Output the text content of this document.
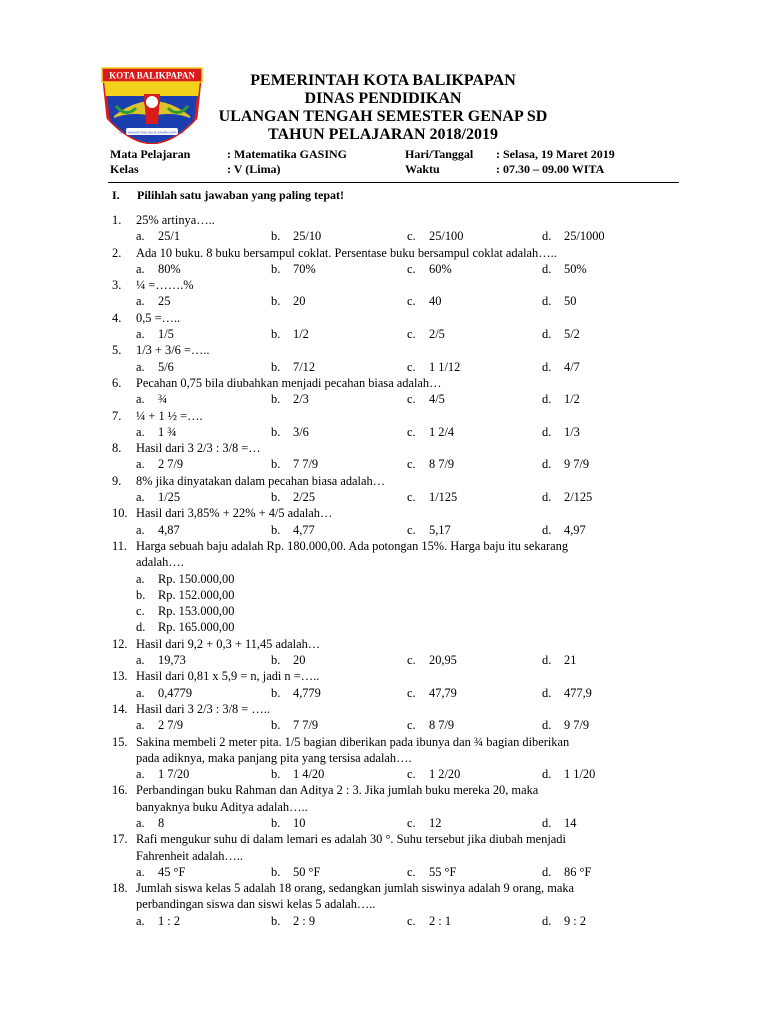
KOTA BALIKPAPAN
GAWI MANUNTUNG WAJA SAMPAI KAPUTING
PEMERINTAH KOTA BALIKPAPAN
DINAS PENDIDIKAN
ULANGAN TENGAH SEMESTER GENAP SD
TAHUN PELAJARAN 2018/2019
Mata Pelajaran	: Matematika GASING	Hari/Tanggal : Selasa, 19 Maret 2019
Kelas	: V (Lima)	Waktu	: 07.30 – 09.00 WITA
I. Pilihlah satu jawaban yang paling tepat!
1. 25% artinya…..
a. 25/1	b. 25/10	c. 25/100	d. 25/1000
2. Ada 10 buku. 8 buku bersampul coklat. Persentase buku bersampul coklat adalah…..
a. 80%	b. 70%	c. 60%	d. 50%
3. ¼ =…….%
a. 25	b. 20	c. 40	d. 50
4. 0,5 =…..
a. 1/5	b. 1/2	c. 2/5	d. 5/2
5. 1/3 + 3/6 =…..
a. 5/6	b. 7/12	c. 1 1/12	d. 4/7
6. Pecahan 0,75 bila diubahkan menjadi pecahan biasa adalah…
a. ¾	b. 2/3	c. 4/5	d. 1/2
7. ¼ + 1 ½ =….
a. 1 ¾	b. 3/6	c. 1 2/4	d. 1/3
8. Hasil dari 3 2/3 : 3/8 =…
a. 2 7/9	b. 7 7/9	c. 8 7/9	d. 9 7/9
9. 8% jika dinyatakan dalam pecahan biasa adalah…
a. 1/25	b. 2/25	c. 1/125	d. 2/125
10. Hasil dari 3,85% + 22% + 4/5 adalah…
a. 4,87	b. 4,77	c. 5,17	d. 4,97
11. Harga sebuah baju adalah Rp. 180.000,00. Ada potongan 15%. Harga baju itu sekarang
adalah….
a. Rp. 150.000,00
b. Rp. 152.000,00
c. Rp. 153.000,00
d. Rp. 165.000,00
12. Hasil dari 9,2 + 0,3 + 11,45 adalah…
a. 19,73	b. 20	c. 20,95	d. 21
13. Hasil dari 0,81 x 5,9 = n, jadi n =…..
a. 0,4779	b. 4,779	c. 47,79	d. 477,9
14. Hasil dari 3 2/3 : 3/8 = …..
a. 2 7/9	b. 7 7/9	c. 8 7/9	d. 9 7/9
15. Sakina membeli 2 meter pita. 1/5 bagian diberikan pada ibunya dan ¾ bagian diberikan
pada adiknya, maka panjang pita yang tersisa adalah….
a. 1 7/20	b. 1 4/20	c. 1 2/20	d. 1 1/20
16. Perbandingan buku Rahman dan Aditya 2 : 3. Jika jumlah buku mereka 20, maka
banyaknya buku Aditya adalah…..
a. 8	b. 10	c. 12	d. 14
17. Rafi mengukur suhu di dalam lemari es adalah 30 °. Suhu tersebut jika diubah menjadi
Fahrenheit adalah…..
a. 45 °F	b. 50 °F	c. 55 °F	d. 86 °F
18. Jumlah siswa kelas 5 adalah 18 orang, sedangkan jumlah siswinya adalah 9 orang, maka
perbandingan siswa dan siswi kelas 5 adalah…..
a. 1 : 2	b. 2 : 9	c. 2 : 1	d. 9 : 2
